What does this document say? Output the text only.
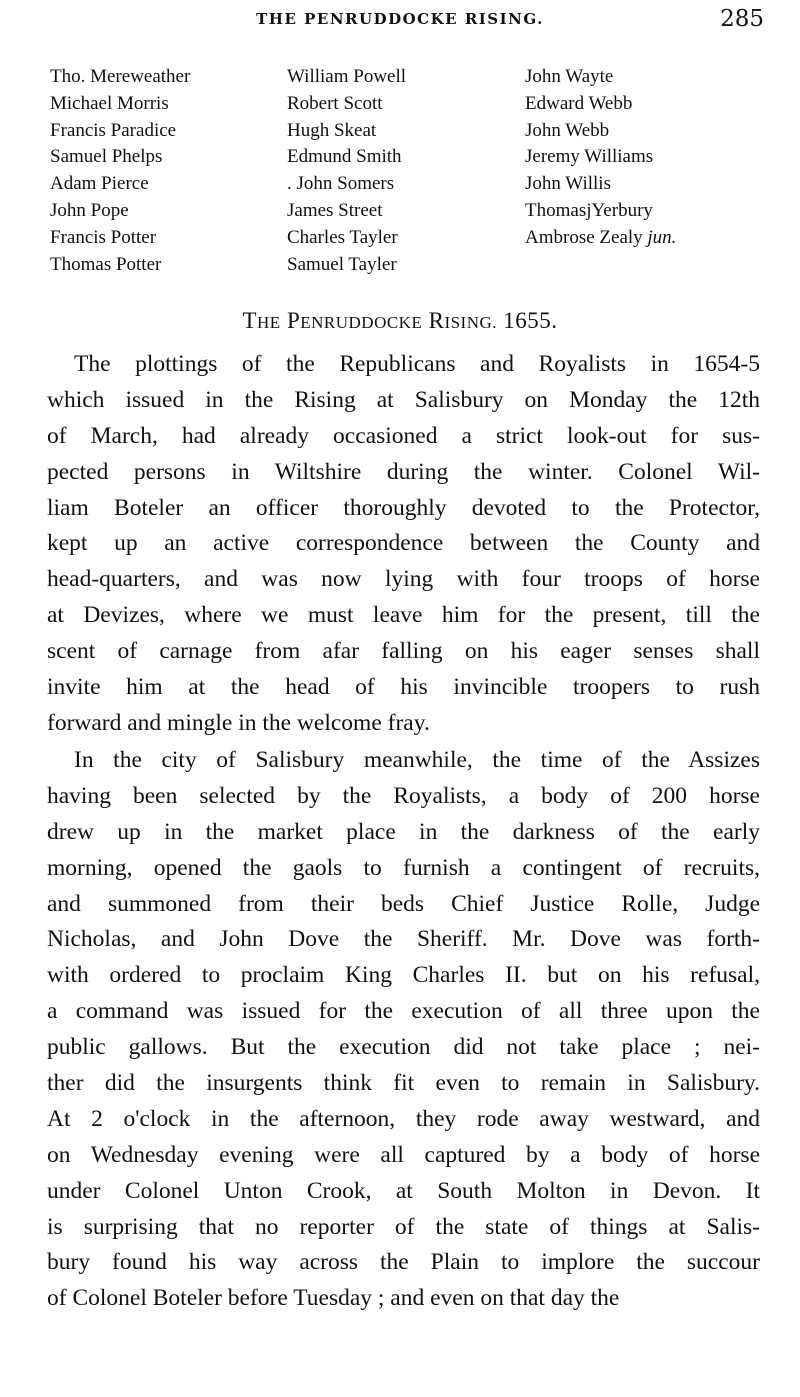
THE PENRUDDOCKE RISING.	285
Tho. Mereweather
Michael Morris
Francis Paradice
Samuel Phelps
Adam Pierce
John Pope
Francis Potter
Thomas Potter
William Powell
Robert Scott
Hugh Skeat
Edmund Smith
. John Somers
James Street
Charles Tayler
Samuel Tayler
John Wayte
Edward Webb
John Webb
Jeremy Williams
John Willis
ThomasjYerbury
Ambrose Zealy jun.
THE PENRUDDOCKE RISING. 1655.
The plottings of the Republicans and Royalists in 1654-5
which issued in the Rising at Salisbury on Monday the 12th
of March, had already occasioned a strict look-out for sus-
pected persons in Wiltshire during the winter. Colonel Wil-
liam Boteler an officer thoroughly devoted to the Protector,
kept up an active correspondence between the County and
head-quarters, and was now lying with four troops of horse
at Devizes, where we must leave him for the present, till the
scent of carnage from afar falling on his eager senses shall
invite him at the head of his invincible troopers to rush
forward and mingle in the welcome fray.
In the city of Salisbury meanwhile, the time of the Assizes
having been selected by the Royalists, a body of 200 horse
drew up in the market place in the darkness of the early
morning, opened the gaols to furnish a contingent of recruits,
and summoned from their beds Chief Justice Rolle, Judge
Nicholas, and John Dove the Sheriff. Mr. Dove was forth-
with ordered to proclaim King Charles II. but on his refusal,
a command was issued for the execution of all three upon the
public gallows. But the execution did not take place ; nei-
ther did the insurgents think fit even to remain in Salisbury.
At 2 o'clock in the afternoon, they rode away westward, and
on Wednesday evening were all captured by a body of horse
under Colonel Unton Crook, at South Molton in Devon. It
is surprising that no reporter of the state of things at Salis-
bury found his way across the Plain to implore the succour
of Colonel Boteler before Tuesday ; and even on that day the
